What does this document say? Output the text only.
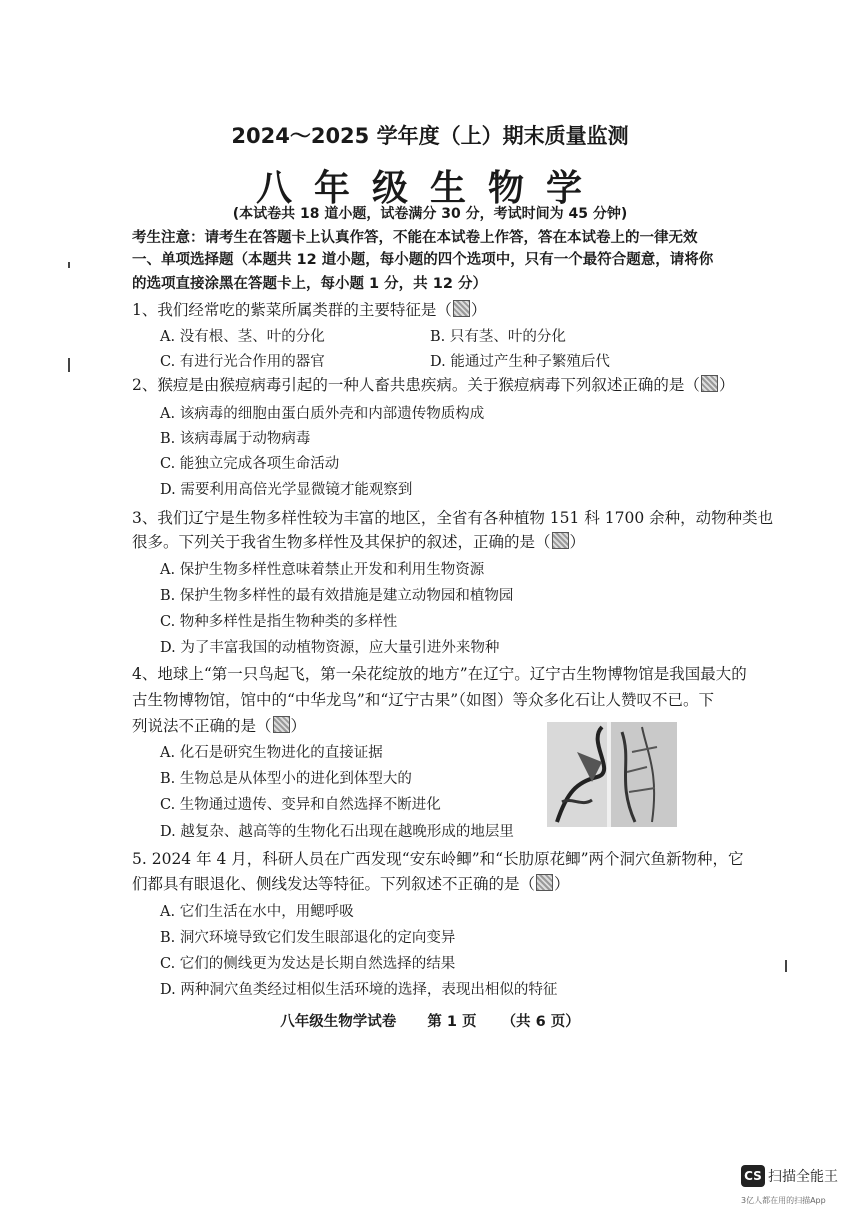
2024～2025 学年度（上）期末质量监测
八年级生物学
(本试卷共 18 道小题，试卷满分 30 分，考试时间为 45 分钟)
考生注意：请考生在答题卡上认真作答，不能在本试卷上作答，答在本试卷上的一律无效
一、单项选择题（本题共 12 道小题，每小题的四个选项中，只有一个最符合题意，请将你
的选项直接涂黑在答题卡上，每小题 1 分，共 12 分）
1、我们经常吃的紫菜所属类群的主要特征是（ ）
A. 没有根、茎、叶的分化	B. 只有茎、叶的分化
C. 有进行光合作用的器官	D. 能通过产生种子繁殖后代
2、猴痘是由猴痘病毒引起的一种人畜共患疾病。关于猴痘病毒下列叙述正确的是（ ）
A. 该病毒的细胞由蛋白质外壳和内部遗传物质构成
B. 该病毒属于动物病毒
C. 能独立完成各项生命活动
D. 需要利用高倍光学显微镜才能观察到
3、我们辽宁是生物多样性较为丰富的地区，全省有各种植物 151 科 1700 余种，动物种类也
很多。下列关于我省生物多样性及其保护的叙述，正确的是（ ）
A. 保护生物多样性意味着禁止开发和利用生物资源
B. 保护生物多样性的最有效措施是建立动物园和植物园
C. 物种多样性是指生物种类的多样性
D. 为了丰富我国的动植物资源，应大量引进外来物种
4、地球上“第一只鸟起飞，第一朵花绽放的地方”在辽宁。辽宁古生物博物馆是我国最大的
古生物博物馆，馆中的“中华龙鸟”和“辽宁古果”（如图）等众多化石让人赞叹不已。下
列说法不正确的是（ ）
A. 化石是研究生物进化的直接证据
B. 生物总是从体型小的进化到体型大的
C. 生物通过遗传、变异和自然选择不断进化
D. 越复杂、越高等的生物化石出现在越晚形成的地层里
5. 2024 年 4 月，科研人员在广西发现“安东岭鲫”和“长肋原花鲫”两个洞穴鱼新物种，它
们都具有眼退化、侧线发达等特征。下列叙述不正确的是（ ）
A. 它们生活在水中，用鳃呼吸
B. 洞穴环境导致它们发生眼部退化的定向变异
C. 它们的侧线更为发达是长期自然选择的结果
D. 两种洞穴鱼类经过相似生活环境的选择，表现出相似的特征
八年级生物学试卷 第 1 页 （共 6 页）
CS 扫描全能王
3亿人都在用的扫描App
